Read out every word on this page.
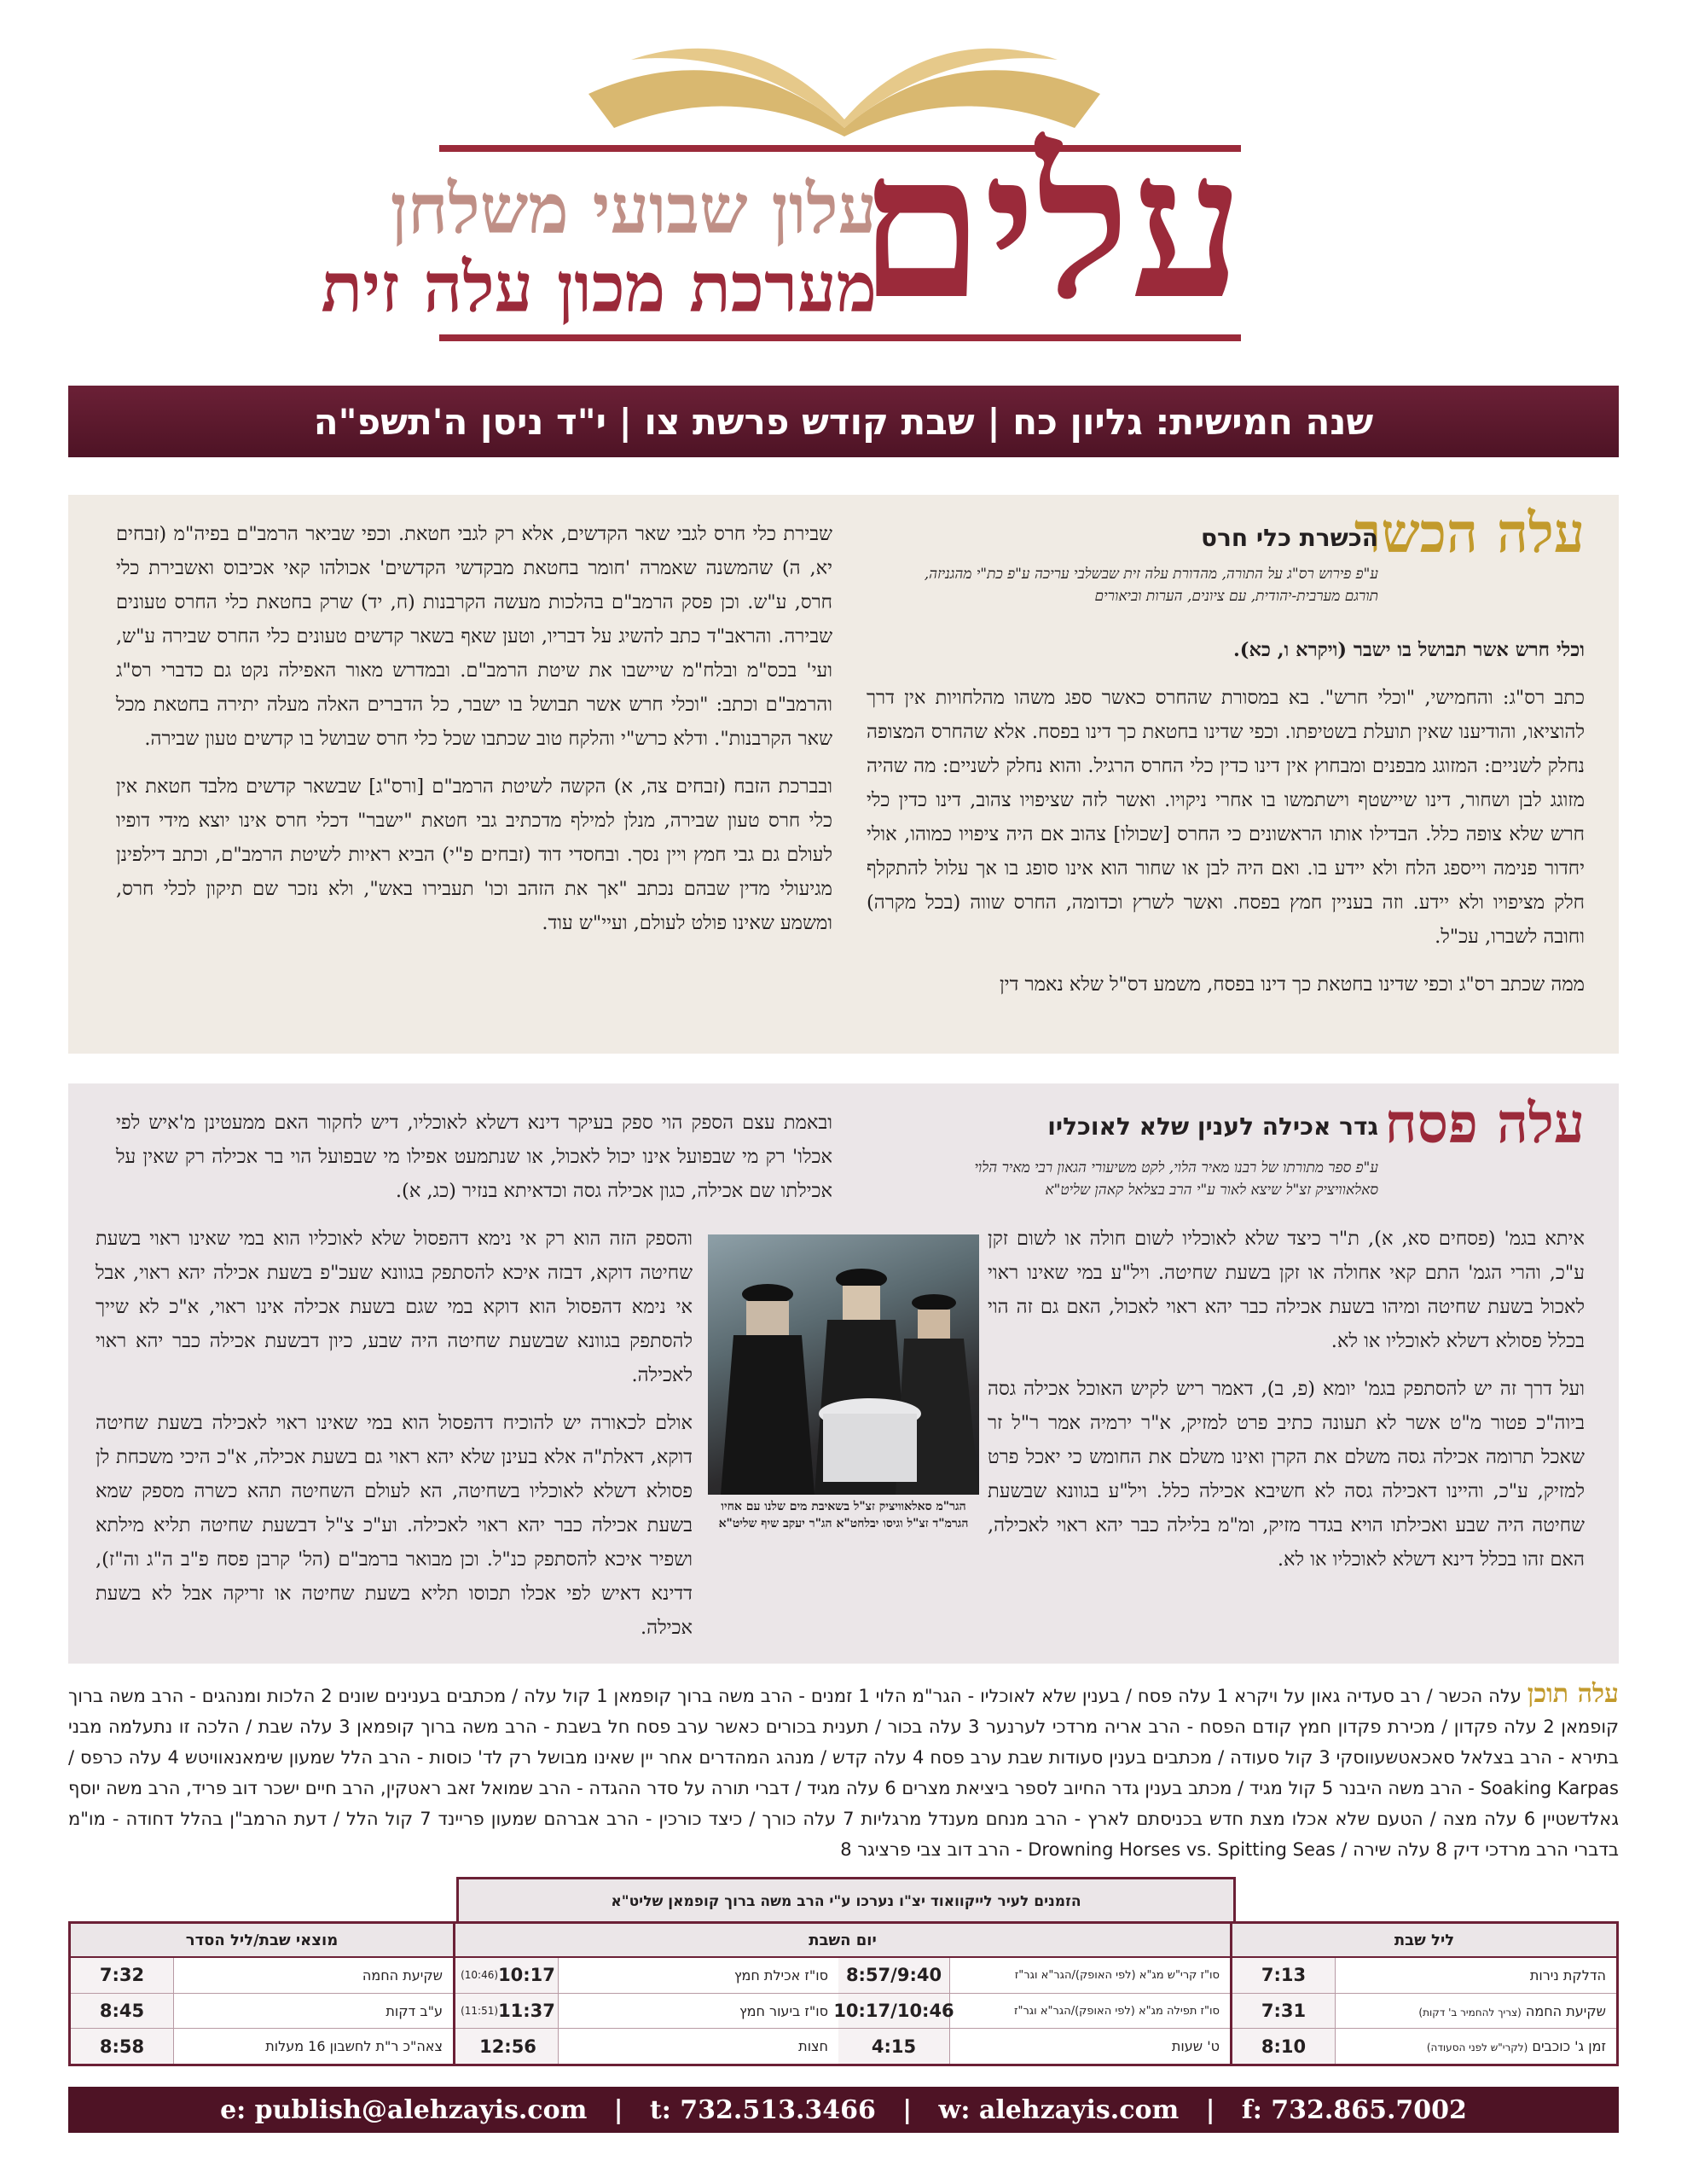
עלים
עלון שבועי משלחן
מערכת מכון עלה זית
שנה חמישית: גליון כח | שבת קודש פרשת צו | י"ד ניסן ה'תשפ"ה
עלה הכשר
הכשרת כלי חרס
ע"פ פירוש רס"ג על התורה, מהדורת עלה זית שבשלבי עריכה ע"פ כת"י מהגניזה, תורגם מערבית-יהודית, עם ציונים, הערות וביאורים

וכלי חרש אשר תבושל בו ישבר (ויקרא ו, כא).

כתב רס"ג: והחמישי, "וכלי חרש". בא במסורת שהחרס כאשר ספג משהו מהלחויות אין דרך להוציאו, והודיענו שאין תועלת בשטיפתו. וכפי שדינו בחטאת כך דינו בפסח. אלא שהחרס המצופה נחלק לשניים: המזוגג מבפנים ומבחוץ אין דינו כדין כלי החרס הרגיל. והוא נחלק לשניים: מה שהיה מזוגג לבן ושחור, דינו שיישטף וישתמשו בו אחרי ניקויו. ואשר לזה שציפויו צהוב, דינו כדין כלי חרש שלא צופה כלל. הבדילו אותו הראשונים כי החרס [שכולו] צהוב אם היה ציפויו כמוהו, אולי יחדור פנימה וייספג הלח ולא יידע בו. ואם היה לבן או שחור הוא אינו סופג בו אך עלול להתקלף חלק מציפויו ולא יידע. וזה בעניין חמץ בפסח. ואשר לשרץ וכדומה, החרס שווה (בכל מקרה) וחובה לשברו, עכ"ל.

ממה שכתב רס"ג וכפי שדינו בחטאת כך דינו בפסח, משמע דס"ל שלא נאמר דין

שבירת כלי חרס לגבי שאר הקדשים, אלא רק לגבי חטאת. וכפי שביאר הרמב"ם בפיה"מ (זבחים יא, ה) שהמשנה שאמרה 'חומר בחטאת מבקדשי הקדשים' אכולהו קאי אכיבוס ואשבירת כלי חרס, ע"ש. וכן פסק הרמב"ם בהלכות מעשה הקרבנות (ח, יד) שרק בחטאת כלי החרס טעונים שבירה. והראב"ד כתב להשיג על דבריו, וטען שאף בשאר קדשים טעונים כלי החרס שבירה ע"ש, ועי' בכס"מ ובלח"מ שיישבו את שיטת הרמב"ם. ובמדרש מאור האפילה נקט גם כדברי רס"ג והרמב"ם וכתב: "וכלי חרש אשר תבושל בו ישבר, כל הדברים האלה מעלה יתירה בחטאת מכל שאר הקרבנות". ודלא כרש"י והלקח טוב שכתבו שכל כלי חרס שבושל בו קדשים טעון שבירה.

ובברכת הזבח (זבחים צה, א) הקשה לשיטת הרמב"ם [ורס"ג] שבשאר קדשים מלבד חטאת אין כלי חרס טעון שבירה, מנלן למילף מדכתיב גבי חטאת "ישבר" דכלי חרס אינו יוצא מידי דופיו לעולם גם גבי חמץ ויין נסך. ובחסדי דוד (זבחים פ"י) הביא ראיות לשיטת הרמב"ם, וכתב דילפינן מגיעולי מדין שבהם נכתב "אך את הזהב וכו' תעבירו באש", ולא נזכר שם תיקון לכלי חרס, ומשמע שאינו פולט לעולם, ועיי"ש עוד.

עלה פסח
גדר אכילה לענין שלא לאוכליו
ע"פ ספר מתורתו של רבנו מאיר הלוי, לקט משיעורי הגאון רבי מאיר הלוי סאלאוויציק זצ"ל שיצא לאור ע"י הרב בצלאל קאהן שליט"א

ובאמת עצם הספק הוי ספק בעיקר דינא דשלא לאוכליו, דיש לחקור האם ממעטינן מ'איש לפי אכלו' רק מי שבפועל אינו יכול לאכול, או שנתמעט אפילו מי שבפועל הוי בר אכילה רק שאין על אכילתו שם אכילה, כגון אכילה גסה וכדאיתא בנזיר (כג, א).

איתא בגמ' (פסחים סא, א), ת"ר כיצד שלא לאוכליו לשום חולה או לשום זקן ע"כ, והרי הגמ' התם קאי אחולה או זקן בשעת שחיטה. ויל"ע במי שאינו ראוי לאכול בשעת שחיטה ומיהו בשעת אכילה כבר יהא ראוי לאכול, האם גם זה הוי בכלל פסולא דשלא לאוכליו או לא.

ועל דרך זה יש להסתפק בגמ' יומא (פ, ב), דאמר ריש לקיש האוכל אכילה גסה ביוה"כ פטור מ"ט אשר לא תעונה כתיב פרט למזיק, א"ר ירמיה אמר ר"ל זר שאכל תרומה אכילה גסה משלם את הקרן ואינו משלם את החומש כי יאכל פרט למזיק, ע"כ, והיינו דאכילה גסה לא חשיבא אכילה כלל. ויל"ע בגוונא שבשעת שחיטה היה שבע ואכילתו הויא בגדר מזיק, ומ"מ בלילה כבר יהא ראוי לאכילה, האם זהו בכלל דינא דשלא לאוכליו או לא.

והספק הזה הוא רק אי נימא דהפסול שלא לאוכליו הוא במי שאינו ראוי בשעת שחיטה דוקא, דבזה איכא להסתפק בגוונא שעכ"פ בשעת אכילה יהא ראוי, אבל אי נימא דהפסול הוא דוקא במי שגם בשעת אכילה אינו ראוי, א"כ לא שייך להסתפק בגוונא שבשעת שחיטה היה שבע, כיון דבשעת אכילה כבר יהא ראוי לאכילה.

אולם לכאורה יש להוכיח דהפסול הוא במי שאינו ראוי לאכילה בשעת שחיטה דוקא, דאלת"ה אלא בעינן שלא יהא ראוי גם בשעת אכילה, א"כ היכי משכחת לן פסולא דשלא לאוכליו בשחיטה, הא לעולם השחיטה תהא כשרה מספק שמא בשעת אכילה כבר יהא ראוי לאכילה. וע"כ צ"ל דבשעת שחיטה תליא מילתא ושפיר איכא להסתפק כנ"ל. וכן מבואר ברמב"ם (הל' קרבן פסח פ"ב ה"ג וה"ז), דדינא דאיש לפי אכלו תכוסו תליא בשעת שחיטה או זריקה אבל לא בשעת אכילה.

הגר"מ סאלאוויציק זצ"ל בשאיבת מים שלנו עם אחיו הגרמ"ד זצ"ל וגיסו יבלחט"א הג"ר יעקב שיף שליט"א
עלה תוכן עלה הכשר / רב סעדיה גאון על ויקרא 1 עלה פסח / בענין שלא לאוכליו - הגר"מ הלוי 1 זמנים - הרב משה ברוך קופמאן 1 קול עלה / מכתבים בענינים שונים 2 הלכות ומנהגים - הרב משה ברוך קופמאן 2 עלה פקדון / מכירת פקדון חמץ קודם הפסח - הרב אריה מרדכי לערנער 3 עלה בכור / תענית בכורים כאשר ערב פסח חל בשבת - הרב משה ברוך קופמאן 3 עלה שבת / הלכה זו נתעלמה מבני בתירא - הרב בצלאל סאכאטשעווסקי 3 קול סעודה / מכתבים בענין סעודות שבת ערב פסח 4 עלה קדש / מנהג המהדרים אחר יין שאינו מבושל רק לד' כוסות - הרב הלל שמעון שימאנאוויטש 4 עלה כרפס / Soaking Karpas - הרב משה היבנר 5 קול מגיד / מכתב בענין גדר החיוב לספר ביציאת מצרים 6 עלה מגיד / דברי תורה על סדר ההגדה - הרב שמואל זאב ראטקין, הרב חיים ישכר דוב פריד, הרב משה יוסף גאלדשטיין 6 עלה מצה / הטעם שלא אכלו מצת חדש בכניסתם לארץ - הרב מנחם מענדל מרגליות 7 עלה כורך / כיצד כורכין - הרב אברהם שמעון פריינד 7 קול הלל / דעת הרמב"ן בהלל דחודה - מו"מ בדברי הרב מרדכי דיק 8 עלה שירה / Drowning Horses vs. Spitting Seas - הרב דוב צבי פרציגר 8
הזמנים לעיר לייקוואוד יצ"ו נערכו ע"י הרב משה ברוך קופמאן שליט"א
ליל שבת
הדלקת נירות
7:13
שקיעת החמה (צריך להחמיר ב' דקות)
7:31
זמן ג' כוכבים (לקרי"ש לפני הסעודה)
8:10
יום השבת
סו"ז קרי"ש מג"א (לפי האופק)/הגר"א וגר"ז
8:57/9:40
סו"ז אכילת חמץ
10:17
(10:46)
סו"ז תפילה מג"א (לפי האופק)/הגר"א וגר"ז
10:17/10:46
סו"ז ביעור חמץ
11:37
(11:51)
ט' שעות
4:15
חצות
12:56
מוצאי שבת/ליל הסדר
שקיעת החמה
7:32
ע"ב דקות
8:45
צאה"כ ר"ת לחשבון 16 מעלות
8:58
e: publish@alehzayis.com | t: 732.513.3466 | w: alehzayis.com | f: 732.865.7002
